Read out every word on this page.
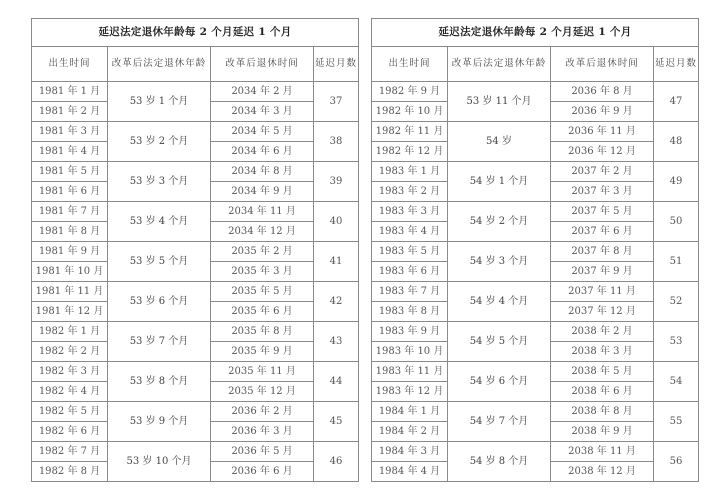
延迟法定退休年龄每 2 个月延迟 1 个月			
出生时间	改革后法定退休年龄	改革后退休时间	延迟月数
1981 年 1 月	53 岁 1 个月	2034 年 2 月	37
1981 年 2 月		2034 年 3 月	
1981 年 3 月	53 岁 2 个月	2034 年 5 月	38
1981 年 4 月		2034 年 6 月	
1981 年 5 月	53 岁 3 个月	2034 年 8 月	39
1981 年 6 月		2034 年 9 月	
1981 年 7 月	53 岁 4 个月	2034 年 11 月	40
1981 年 8 月		2034 年 12 月	
1981 年 9 月	53 岁 5 个月	2035 年 2 月	41
1981 年 10 月		2035 年 3 月	
1981 年 11 月	53 岁 6 个月	2035 年 5 月	42
1981 年 12 月		2035 年 6 月	
1982 年 1 月	53 岁 7 个月	2035 年 8 月	43
1982 年 2 月		2035 年 9 月	
1982 年 3 月	53 岁 8 个月	2035 年 11 月	44
1982 年 4 月		2035 年 12 月	
1982 年 5 月	53 岁 9 个月	2036 年 2 月	45
1982 年 6 月		2036 年 3 月	
1982 年 7 月	53 岁 10 个月	2036 年 5 月	46
1982 年 8 月		2036 年 6 月	
延迟法定退休年龄每 2 个月延迟 1 个月			
出生时间	改革后法定退休年龄	改革后退休时间	延迟月数
1982 年 9 月	53 岁 11 个月	2036 年 8 月	47
1982 年 10 月		2036 年 9 月	
1982 年 11 月	54 岁	2036 年 11 月	48
1982 年 12 月		2036 年 12 月	
1983 年 1 月	54 岁 1 个月	2037 年 2 月	49
1983 年 2 月		2037 年 3 月	
1983 年 3 月	54 岁 2 个月	2037 年 5 月	50
1983 年 4 月		2037 年 6 月	
1983 年 5 月	54 岁 3 个月	2037 年 8 月	51
1983 年 6 月		2037 年 9 月	
1983 年 7 月	54 岁 4 个月	2037 年 11 月	52
1983 年 8 月		2037 年 12 月	
1983 年 9 月	54 岁 5 个月	2038 年 2 月	53
1983 年 10 月		2038 年 3 月	
1983 年 11 月	54 岁 6 个月	2038 年 5 月	54
1983 年 12 月		2038 年 6 月	
1984 年 1 月	54 岁 7 个月	2038 年 8 月	55
1984 年 2 月		2038 年 9 月	
1984 年 3 月	54 岁 8 个月	2038 年 11 月	56
1984 年 4 月		2038 年 12 月	
